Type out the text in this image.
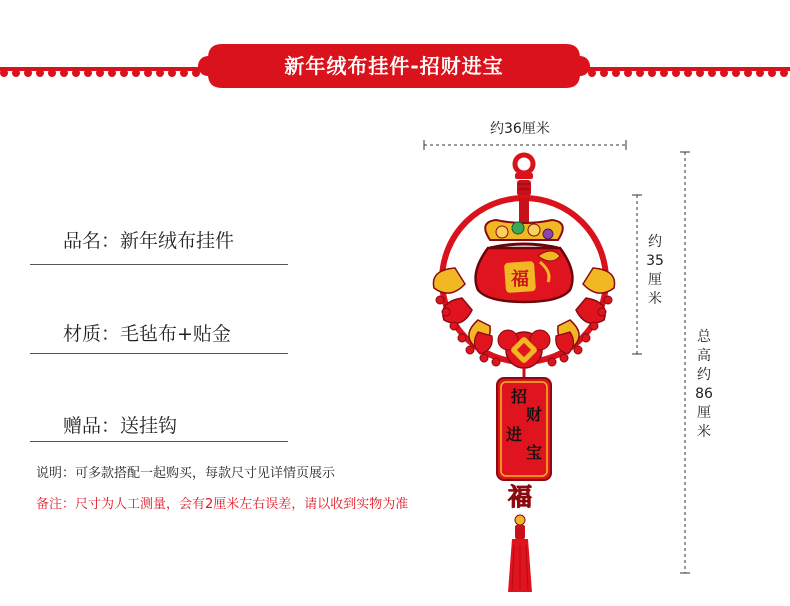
新年绒布挂件-招财进宝
品名：新年绒布挂件
材质：毛毡布+贴金
赠品：送挂钩
说明：可多款搭配一起购买，每款尺寸见详情页展示
备注：尺寸为人工测量，会有2厘米左右误差，请以收到实物为准
约36厘米
约
35
厘
米
总
高
约
86
厘
米
福
招
财
进
宝
福
